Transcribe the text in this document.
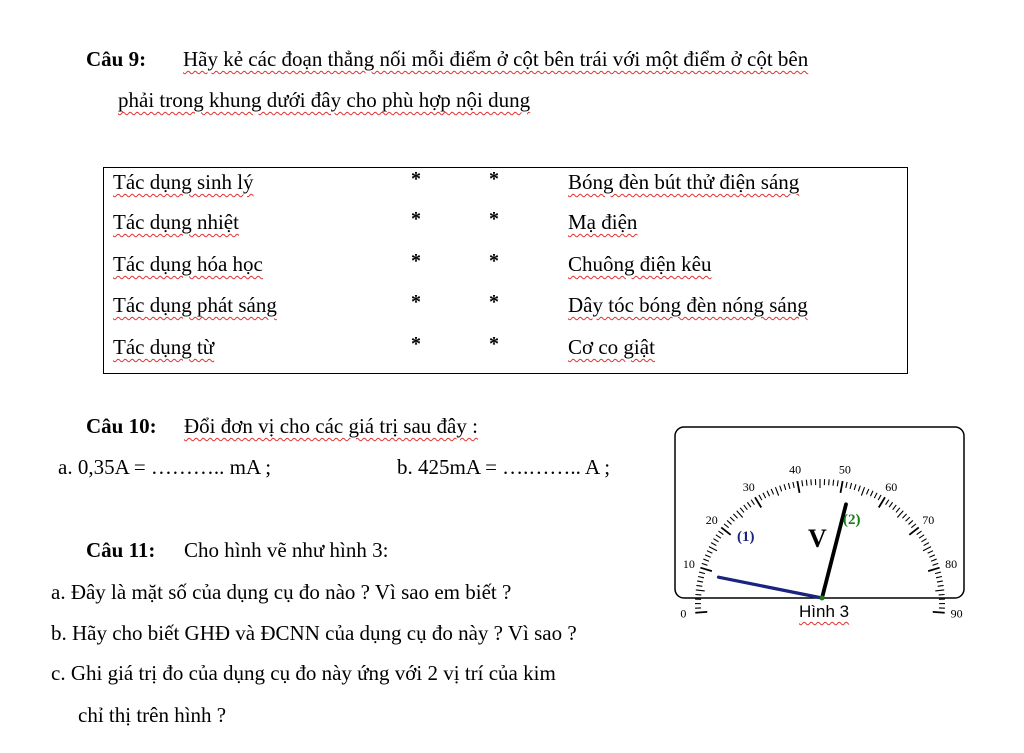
Câu 9: Hãy kẻ các đoạn thẳng nối mỗi điểm ở cột bên trái với một điểm ở cột bên
phải trong khung dưới đây cho phù hợp nội dung
Tác dụng sinh lý	*	*	Bóng đèn bút thử điện sáng
Tác dụng nhiệt	*	*	Mạ điện
Tác dụng hóa học	*	*	Chuông điện kêu
Tác dụng phát sáng	*	*	Dây tóc bóng đèn nóng sáng
Tác dụng từ	*	*	Cơ co giật
Câu 10: Đổi đơn vị cho các giá trị sau đây :
a. 0,35A = ……….. mA ;	b. 425mA = ….…….. A ;
Câu 11: Cho hình vẽ như hình 3:
a. Đây là mặt số của dụng cụ đo nào ? Vì sao em biết ?
b. Hãy cho biết GHĐ và ĐCNN của dụng cụ đo này ? Vì sao ?
c. Ghi giá trị đo của dụng cụ đo này ứng với 2 vị trí của kim
chỉ thị trên hình ?
0
10
20
30
40	50
60
70
80
90
(1)
(2)
V
Hình 3
